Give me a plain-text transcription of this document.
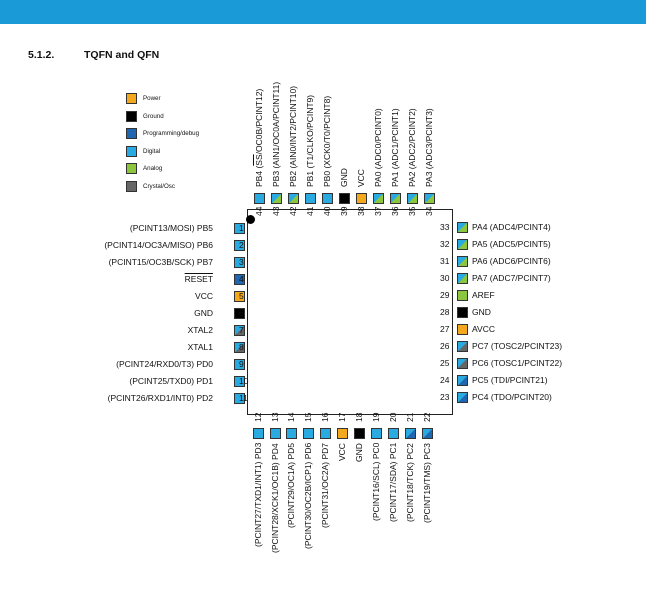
5.1.2.	TQFN and QFN
Power
Ground
Programming/debug
Digital
Analog
Crystal/Osc
1
(PCINT13/MOSI) PB5
2
(PCINT14/OC3A/MISO) PB6
3
(PCINT15/OC3B/SCK) PB7
4
RESET
5
VCC
6
GND
7
XTAL2
8
XTAL1
9
(PCINT24/RXD0/T3) PD0
10
(PCINT25/TXD0) PD1
11
(PCINT26/RXD1/INT0) PD2	23	PC4 (TDO/PCINT20)
24	PC5 (TDI/PCINT21)
25	PC6 (TOSC1/PCINT22)
26	PC7 (TOSC2/PCINT23)
27	AVCC
28	GND
29	AREF
30	PA7 (ADC7/PCINT7)
31	PA6 (ADC6/PCINT6)
32	PA5 (ADC5/PCINT5)
33	PA4 (ADC4/PCINT4)
12
(PCINT27/TXD1/INT1) PD3
13
(PCINT28/XCK1/OC1B) PD4
14
(PCINT29/OC1A) PD5
15
(PCINT30/OC2B/ICP1) PD6
16
(PCINT31/OC2A) PD7
17
VCC
18
GND
19
(PCINT16/SCL) PC0
20
(PCINT17/SDA) PC1
21
(PCINT18/TCK) PC2
22
(PCINT19/TMS) PC3
34
PA3 (ADC3/PCINT3)
35
PA2 (ADC2/PCINT2)
36
PA1 (ADC1/PCINT1)
37
PA0 (ADC0/PCINT0)
38
VCC
39
GND
40
PB0 (XCK0/T0/PCINT8)
41
PB1 (T1/CLKO/PCINT9)
42
PB2 (AIN0/INT2/PCINT10)
43
PB3 (AIN1/OC0A/PCINT11)
44
PB4 $(\overline{SS}/OC0B/PCINT12)$
